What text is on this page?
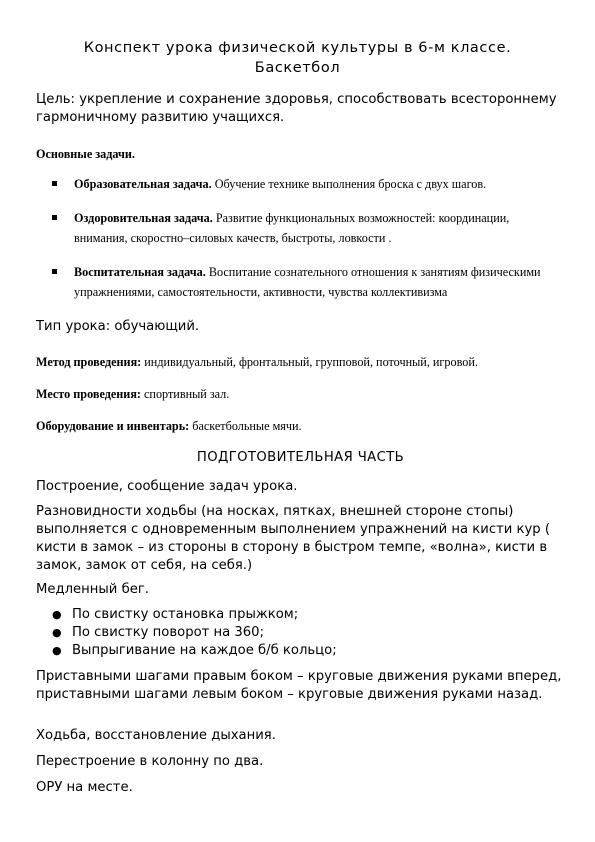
Конспект урока физической культуры в 6-м классе.
Баскетбол

Цель: укрепление и сохранение здоровья, способствовать всестороннему гармоничному развитию учащихся.

Основные задачи.

Образовательная задача. Обучение технике выполнения броска с двух шагов.
Оздоровительная задача. Развитие функциональных возможностей: координации, внимания, скоростно–силовых качеств, быстроты, ловкости .
Воспитательная задача. Воспитание сознательного отношения к занятиям физическими упражнениями, самостоятельности, активности, чувства коллективизма

Тип урока: обучающий.

Метод проведения: индивидуальный, фронтальный, групповой, поточный, игровой.

Место проведения: спортивный зал.

Оборудование и инвентарь: баскетбольные мячи.

ПОДГОТОВИТЕЛЬНАЯ ЧАСТЬ

Построение, сообщение задач урока.

Разновидности ходьбы (на носках, пятках, внешней стороне стопы) выполняется с одновременным выполнением упражнений на кисти кур ( кисти в замок – из стороны в сторону в быстром темпе, «волна», кисти в замок, замок от себя, на себя.)

Медленный бег.

● По свистку остановка прыжком;
● По свистку поворот на 360;
● Выпрыгивание на каждое б/б кольцо;

Приставными шагами правым боком – круговые движения руками вперед, приставными шагами левым боком – круговые движения руками назад.

Ходьба, восстановление дыхания.

Перестроение в колонну по два.

ОРУ на месте.
